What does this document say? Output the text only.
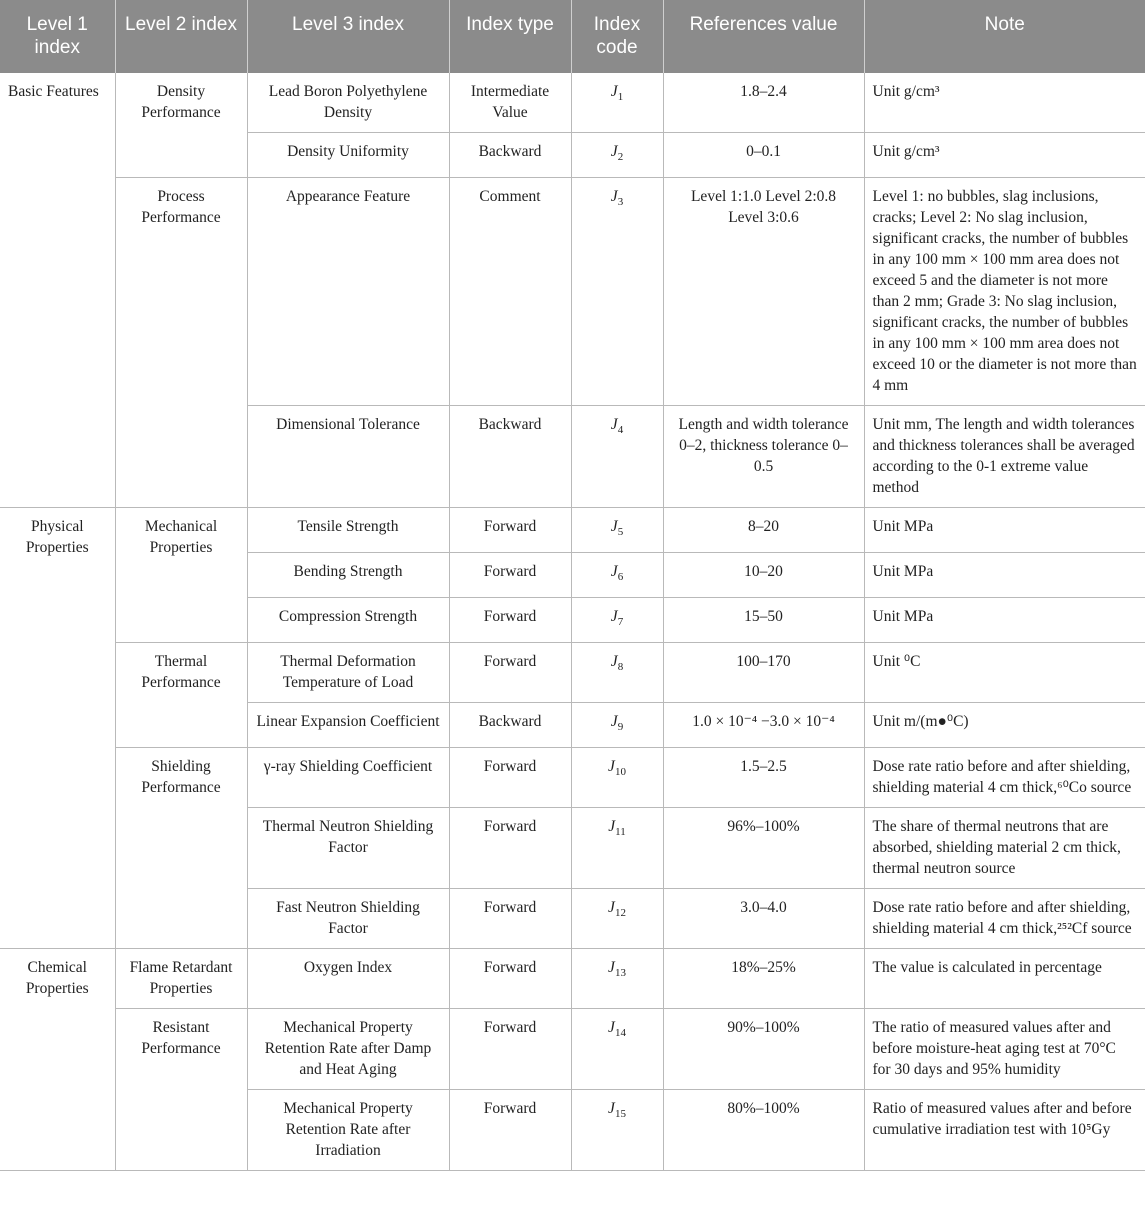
Level 1 index	Level 2 index	Level 3 index	Index type	Index code	References value	Note
Basic Features	Density Performance	Lead Boron Polyethylene Density	Intermediate Value	$J_1$	1.8–2.4	Unit g/cm³
		Density Uniformity	Backward	$J_2$	0–0.1	Unit g/cm³
	Process Performance	Appearance Feature	Comment	$J_3$	Level 1:1.0 Level 2:0.8 Level 3:0.6	Level 1: no bubbles, slag inclusions, cracks; Level 2: No slag inclusion, significant cracks, the number of bubbles in any 100 mm × 100 mm area does not exceed 5 and the diameter is not more than 2 mm; Grade 3: No slag inclusion, significant cracks, the number of bubbles in any 100 mm × 100 mm area does not exceed 10 or the diameter is not more than 4 mm
		Dimensional Tolerance	Backward	$J_4$	Length and width tolerance 0–2, thickness tolerance 0–0.5	Unit mm, The length and width tolerances and thickness tolerances shall be averaged according to the 0-1 extreme value method
Physical Properties	Mechanical Properties	Tensile Strength	Forward	$J_5$	8–20	Unit MPa
		Bending Strength	Forward	$J_6$	10–20	Unit MPa
		Compression Strength	Forward	$J_7$	15–50	Unit MPa
	Thermal Performance	Thermal Deformation Temperature of Load	Forward	$J_8$	100–170	Unit ⁰C
		Linear Expansion Coefficient	Backward	$J_9$	1.0 × 10⁻⁴ −3.0 × 10⁻⁴	Unit m/(m●⁰C)
	Shielding Performance	γ-ray Shielding Coefficient	Forward	$J_{10}$	1.5–2.5	Dose rate ratio before and after shielding, shielding material 4 cm thick,⁶⁰Co source
		Thermal Neutron Shielding Factor	Forward	$J_{11}$	96%–100%	The share of thermal neutrons that are absorbed, shielding material 2 cm thick, thermal neutron source
		Fast Neutron Shielding Factor	Forward	$J_{12}$	3.0–4.0	Dose rate ratio before and after shielding, shielding material 4 cm thick,²⁵²Cf source
Chemical Properties	Flame Retardant Properties	Oxygen Index	Forward	$J_{13}$	18%–25%	The value is calculated in percentage
	Resistant Performance	Mechanical Property Retention Rate after Damp and Heat Aging	Forward	$J_{14}$	90%–100%	The ratio of measured values after and before moisture-heat aging test at 70°C for 30 days and 95% humidity
		Mechanical Property Retention Rate after Irradiation	Forward	$J_{15}$	80%–100%	Ratio of measured values after and before cumulative irradiation test with 10⁵Gy
